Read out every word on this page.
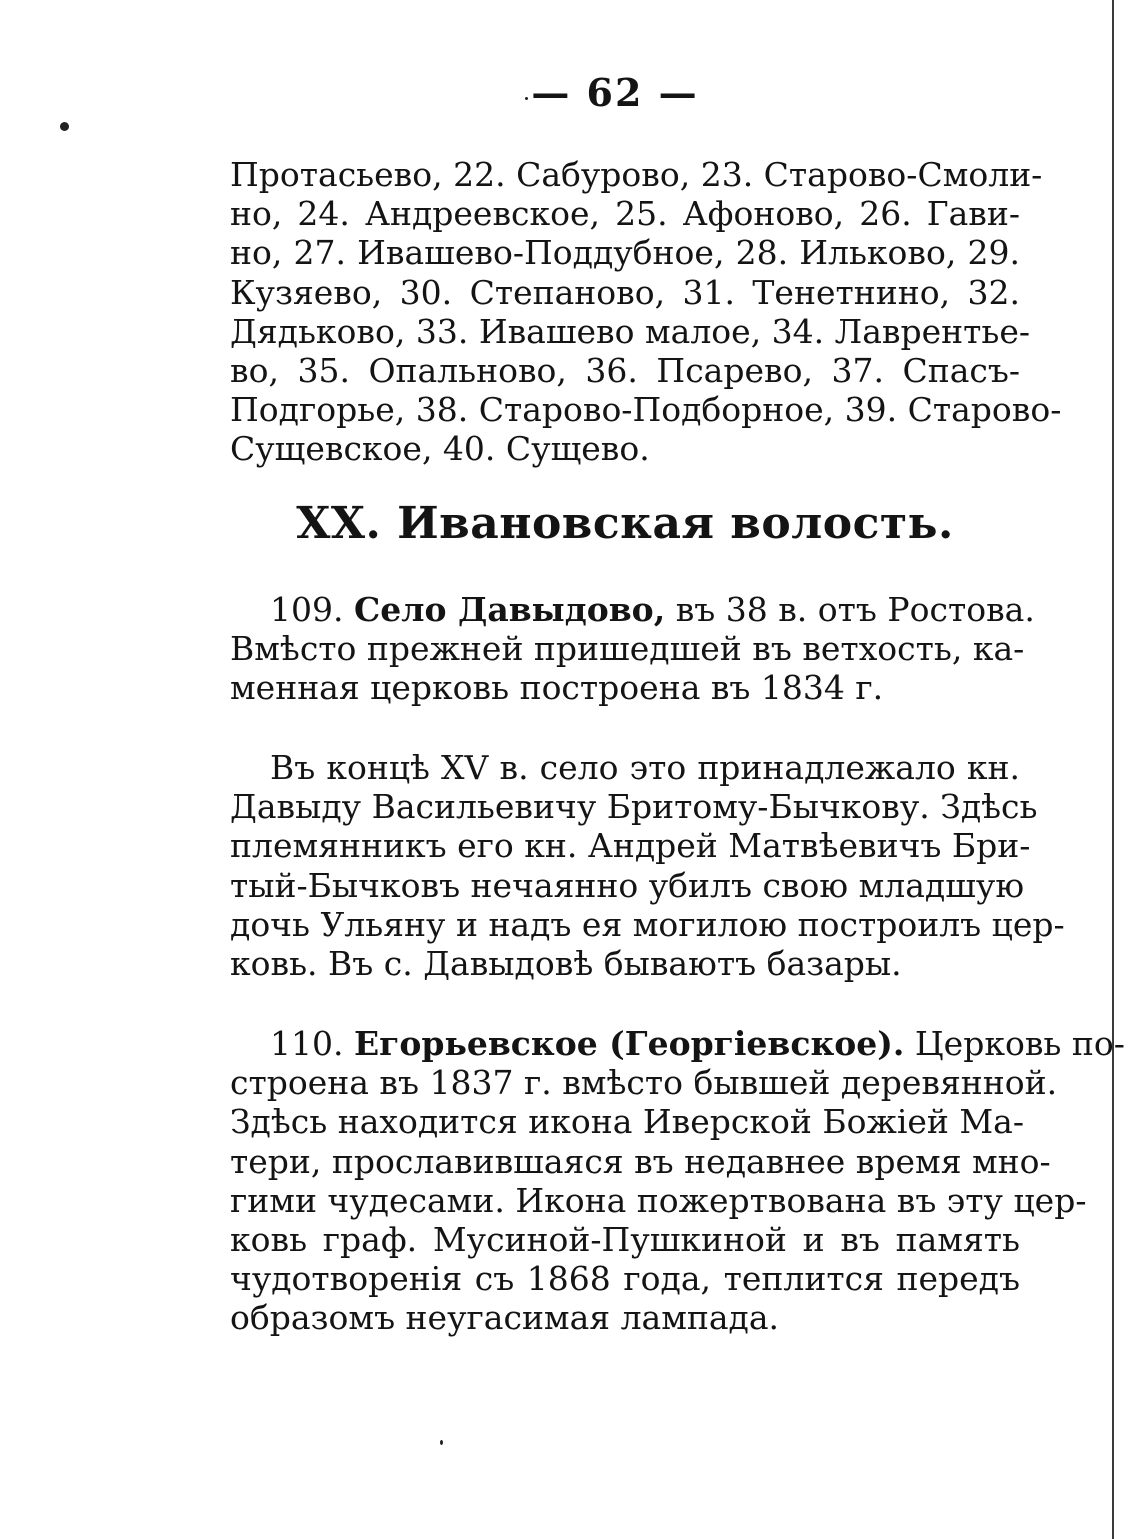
— 62 —
Протасьево, 22. Сабурово, 23. Старово-Смоли-
но, 24. Андреевское, 25. Афоново, 26. Гави-
но, 27. Ивашево-Поддубное, 28. Ильково, 29.
Кузяево, 30. Степаново, 31. Тенетнино, 32.
Дядьково, 33. Ивашево малое, 34. Лаврентье-
во, 35. Опальново, 36. Псарево, 37. Спасъ-
Подгорье, 38. Старово-Подборное, 39. Старово-
Сущевское, 40. Сущево.
XX. Ивановская волость.
109. Село Давыдово, въ 38 в. отъ Ростова.
Вмѣсто прежней пришедшей въ ветхость, ка-
менная церковь построена въ 1834 г.
Въ концѣ XV в. село это принадлежало кн.
Давыду Васильевичу Бритому-Бычкову. Здѣсь
племянникъ его кн. Андрей Матвѣевичъ Бри-
тый-Бычковъ нечаянно убилъ свою младшую
дочь Ульяну и надъ ея могилою построилъ цер-
ковь. Въ с. Давыдовѣ бываютъ базары.
110. Егорьевское (Георгіевское). Церковь по-
строена въ 1837 г. вмѣсто бывшей деревянной.
Здѣсь находится икона Иверской Божіей Ма-
тери, прославившаяся въ недавнее время мно-
гими чудесами. Икона пожертвована въ эту цер-
ковь граф. Мусиной-Пушкиной и въ память
чудотворенія съ 1868 года, теплится передъ
образомъ неугасимая лампада.
